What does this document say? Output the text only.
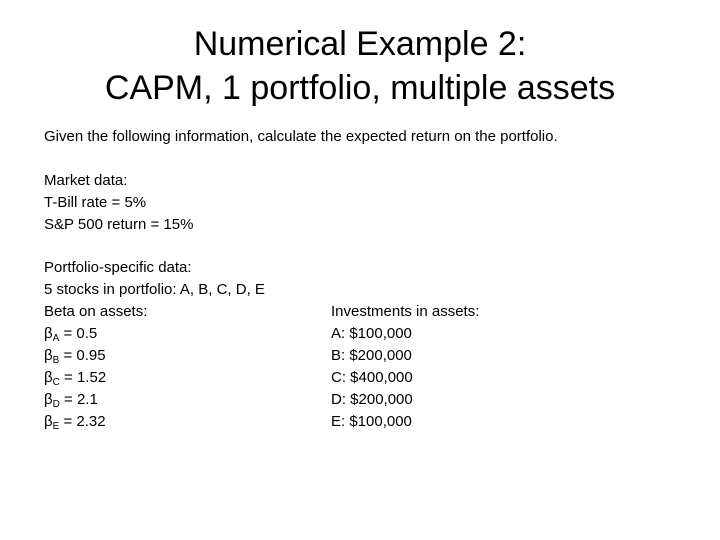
Numerical Example 2:
CAPM, 1 portfolio, multiple assets

Given the following information, calculate the expected return on the portfolio.

Market data:
T-Bill rate = 5%
S&P 500 return = 15%
Portfolio-specific data:
5 stocks in portfolio: A, B, C, D, E
Beta on assets:
$\beta_A = 0.5$
$\beta_B = 0.95$
$\beta_C = 1.52$
$\beta_D = 2.1$
$\beta_E = 2.32$
Investments in assets:
A: $100,000
B: $200,000
C: $400,000
D: $200,000
E: $100,000
